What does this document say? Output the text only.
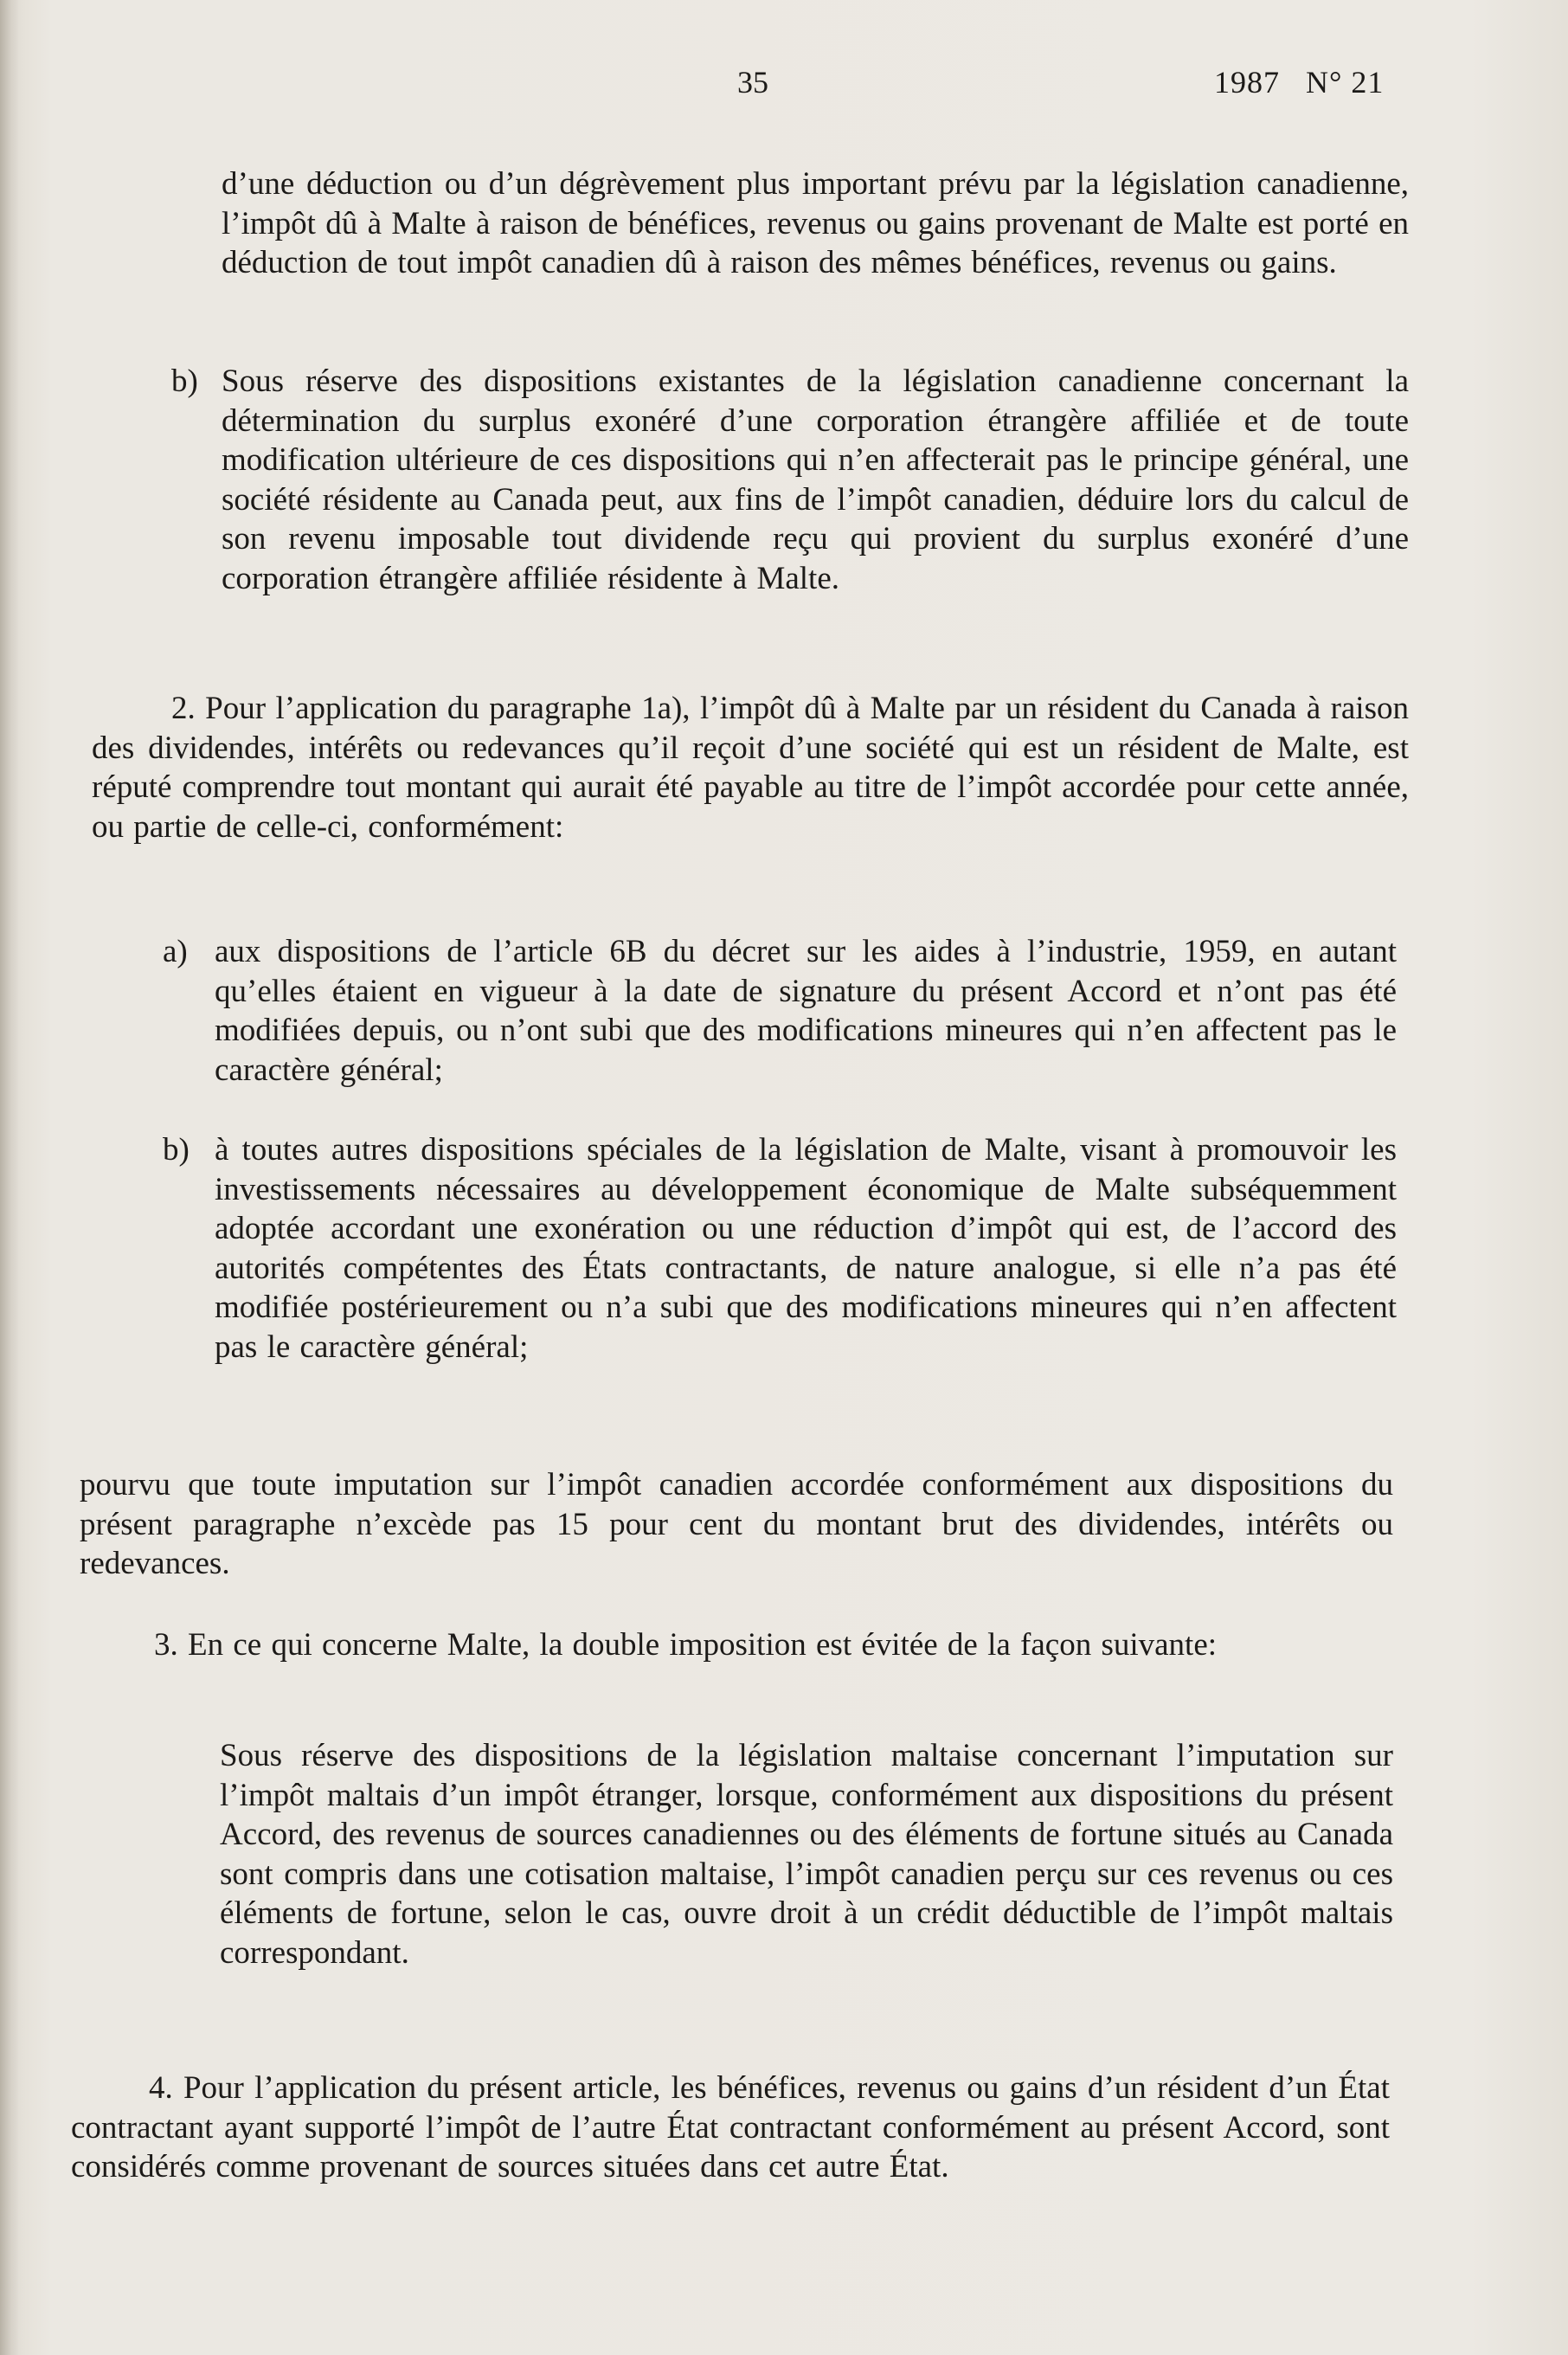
35	1987 N° 21

d’une déduction ou d’un dégrèvement plus important prévu par la législation canadienne, l’impôt dû à Malte à raison de bénéfices, revenus ou gains provenant de Malte est porté en déduction de tout impôt canadien dû à raison des mêmes bénéfices, revenus ou gains.

b) Sous réserve des dispositions existantes de la législation canadienne concernant la détermination du surplus exonéré d’une corporation étrangère affiliée et de toute modification ultérieure de ces dispositions qui n’en affecterait pas le principe général, une société résidente au Canada peut, aux fins de l’impôt canadien, déduire lors du calcul de son revenu imposable tout dividende reçu qui provient du surplus exonéré d’une corporation étrangère affiliée résidente à Malte.

2. Pour l’application du paragraphe 1a), l’impôt dû à Malte par un résident du Canada à raison des dividendes, intérêts ou redevances qu’il reçoit d’une société qui est un résident de Malte, est réputé comprendre tout montant qui aurait été payable au titre de l’impôt accordée pour cette année, ou partie de celle-ci, conformément:

a) aux dispositions de l’article 6B du décret sur les aides à l’industrie, 1959, en autant qu’elles étaient en vigueur à la date de signature du présent Accord et n’ont pas été modifiées depuis, ou n’ont subi que des modifications mineures qui n’en affectent pas le caractère général;

b) à toutes autres dispositions spéciales de la législation de Malte, visant à promouvoir les investissements nécessaires au développement économique de Malte subséquemment adoptée accordant une exonération ou une réduction d’impôt qui est, de l’accord des autorités compétentes des États contractants, de nature analogue, si elle n’a pas été modifiée postérieurement ou n’a subi que des modifications mineures qui n’en affectent pas le caractère général;

pourvu que toute imputation sur l’impôt canadien accordée conformément aux dispositions du présent paragraphe n’excède pas 15 pour cent du montant brut des dividendes, intérêts ou redevances.

3. En ce qui concerne Malte, la double imposition est évitée de la façon suivante:

Sous réserve des dispositions de la législation maltaise concernant l’imputation sur l’impôt maltais d’un impôt étranger, lorsque, conformément aux dispositions du présent Accord, des revenus de sources canadiennes ou des éléments de fortune situés au Canada sont compris dans une cotisation maltaise, l’impôt canadien perçu sur ces revenus ou ces éléments de fortune, selon le cas, ouvre droit à un crédit déductible de l’impôt maltais correspondant.

4. Pour l’application du présent article, les bénéfices, revenus ou gains d’un résident d’un État contractant ayant supporté l’impôt de l’autre État contractant conformément au présent Accord, sont considérés comme provenant de sources situées dans cet autre État.
